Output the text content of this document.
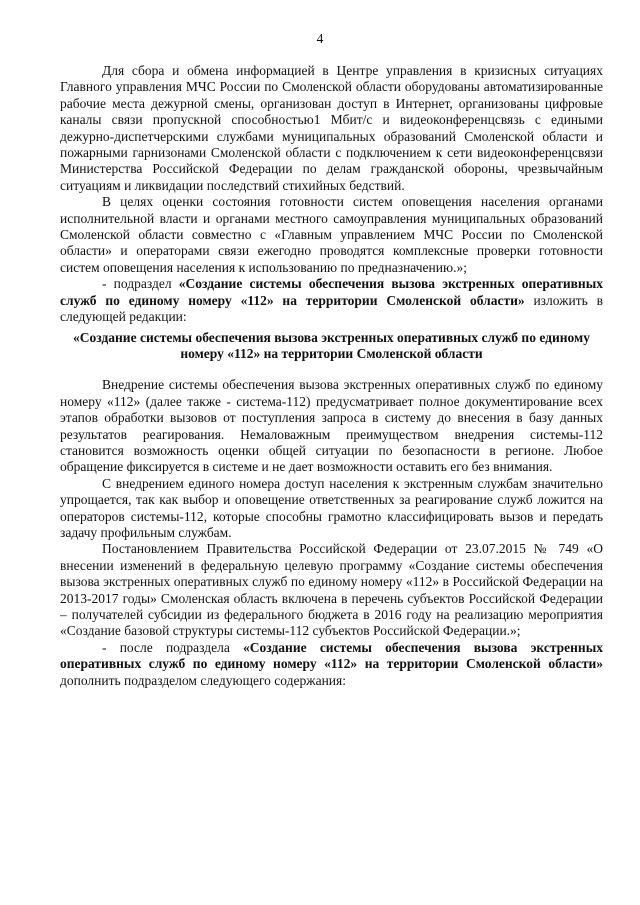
4

Для сбора и обмена информацией в Центре управления в кризисных ситуациях Главного управления МЧС России по Смоленской области оборудованы автоматизированные рабочие места дежурной смены, организован доступ в Интернет, организованы цифровые каналы связи пропускной способностью1 Мбит/с и видеоконференцсвязь с едиными дежурно-диспетчерскими службами муниципальных образований Смоленской области и пожарными гарнизонами Смоленской области с подключением к сети видеоконференцсвязи Министерства Российской Федерации по делам гражданской обороны, чрезвычайным ситуациям и ликвидации последствий стихийных бедствий.

В целях оценки состояния готовности систем оповещения населения органами исполнительной власти и органами местного самоуправления муниципальных образований Смоленской области совместно с «Главным управлением МЧС России по Смоленской области» и операторами связи ежегодно проводятся комплексные проверки готовности систем оповещения населения к использованию по предназначению.»;

- подраздел «Создание системы обеспечения вызова экстренных оперативных служб по единому номеру «112» на территории Смоленской области» изложить в следующей редакции:

«Создание системы обеспечения вызова экстренных оперативных служб по единому номеру «112» на территории Смоленской области

Внедрение системы обеспечения вызова экстренных оперативных служб по единому номеру «112» (далее также - система-112) предусматривает полное документирование всех этапов обработки вызовов от поступления запроса в систему до внесения в базу данных результатов реагирования. Немаловажным преимуществом внедрения системы-112 становится возможность оценки общей ситуации по безопасности в регионе. Любое обращение фиксируется в системе и не дает возможности оставить его без внимания.

С внедрением единого номера доступ населения к экстренным службам значительно упрощается, так как выбор и оповещение ответственных за реагирование служб ложится на операторов системы-112, которые способны грамотно классифицировать вызов и передать задачу профильным службам.

Постановлением Правительства Российской Федерации от 23.07.2015 № 749 «О внесении изменений в федеральную целевую программу «Создание системы обеспечения вызова экстренных оперативных служб по единому номеру «112» в Российской Федерации на 2013-2017 годы» Смоленская область включена в перечень субъектов Российской Федерации – получателей субсидии из федерального бюджета в 2016 году на реализацию мероприятия «Создание базовой структуры системы-112 субъектов Российской Федерации.»;

- после подраздела «Создание системы обеспечения вызова экстренных оперативных служб по единому номеру «112» на территории Смоленской области» дополнить подразделом следующего содержания:
